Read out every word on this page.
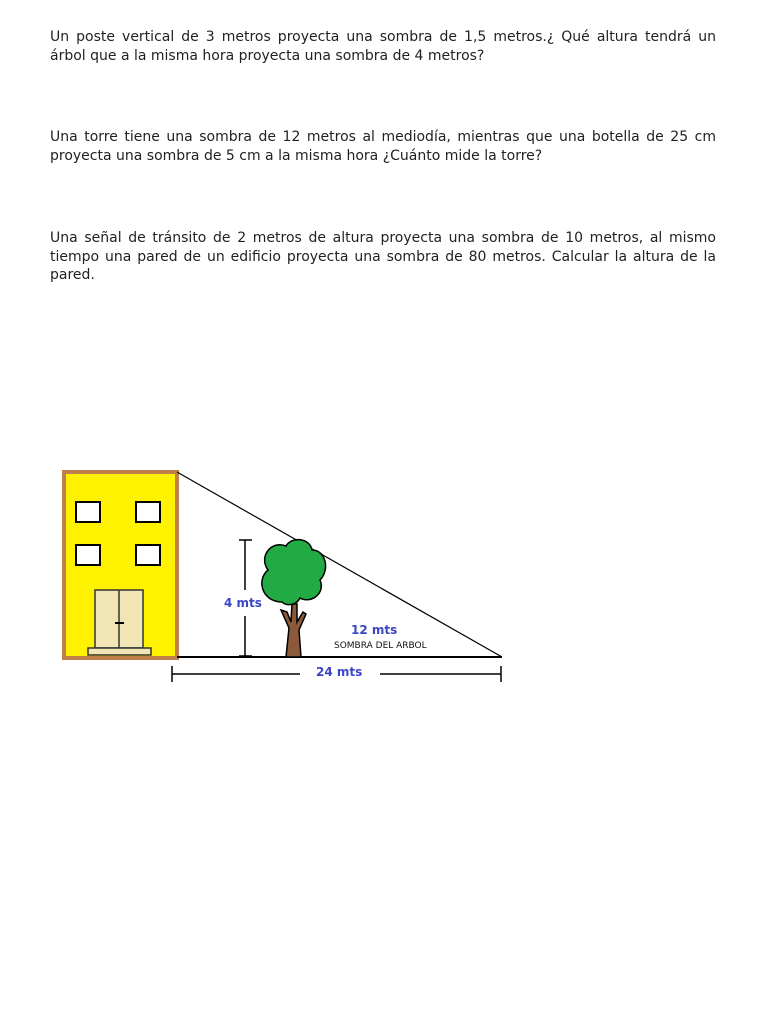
Un poste vertical de 3 metros proyecta una sombra de 1,5 metros.¿ Qué altura tendrá un árbol que a la misma hora proyecta una sombra de 4 metros?

Una torre tiene una sombra de 12 metros al mediodía, mientras que una botella de 25 cm proyecta una sombra de 5 cm a la misma hora ¿Cuánto mide la torre?

Una señal de tránsito de 2 metros de altura proyecta una sombra de 10 metros, al mismo tiempo una pared de un edificio proyecta una sombra de 80 metros. Calcular la altura de la pared.

4 mts
12 mts
SOMBRA DEL ARBOL
24 mts
